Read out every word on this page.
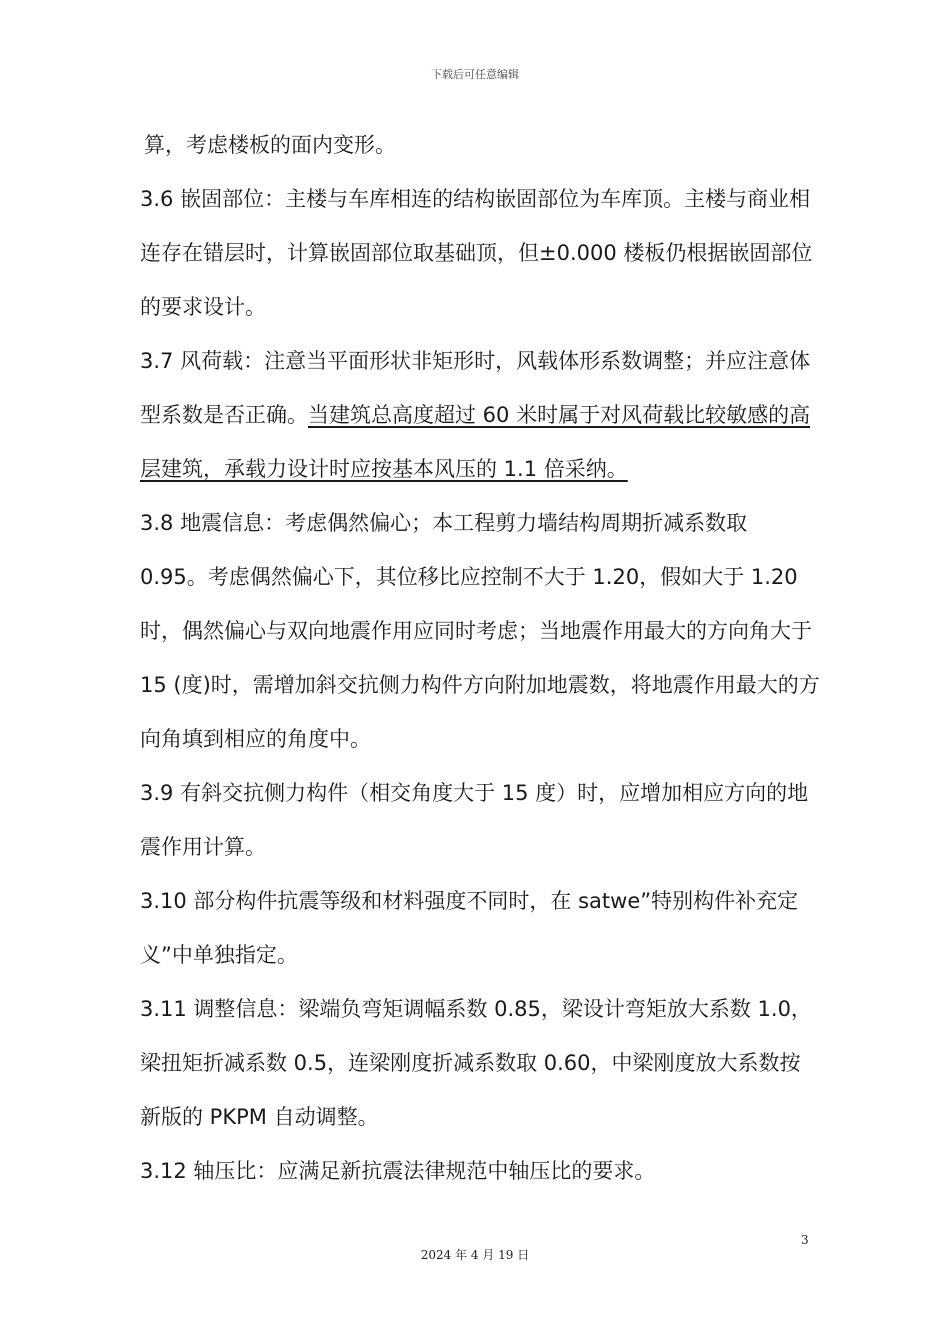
下载后可任意编辑

算，考虑楼板的面内变形。

3.6 嵌固部位：主楼与车库相连的结构嵌固部位为车库顶。主楼与商业相连存在错层时，计算嵌固部位取基础顶，但±0.000 楼板仍根据嵌固部位的要求设计。

3.7 风荷载：注意当平面形状非矩形时，风载体形系数调整；并应注意体型系数是否正确。当建筑总高度超过 60 米时属于对风荷载比较敏感的高层建筑，承载力设计时应按基本风压的 1.1 倍采纳。

3.8 地震信息：考虑偶然偏心；本工程剪力墙结构周期折减系数取 0.95。考虑偶然偏心下，其位移比应控制不大于 1.20，假如大于 1.20 时，偶然偏心与双向地震作用应同时考虑；当地震作用最大的方向角大于 15 (度)时，需增加斜交抗侧力构件方向附加地震数，将地震作用最大的方向角填到相应的角度中。

3.9 有斜交抗侧力构件（相交角度大于 15 度）时，应增加相应方向的地震作用计算。

3.10 部分构件抗震等级和材料强度不同时，在 satwe”特别构件补充定义”中单独指定。

3.11 调整信息：梁端负弯矩调幅系数 0.85，梁设计弯矩放大系数 1.0，梁扭矩折减系数 0.5，连梁刚度折减系数取 0.60，中梁刚度放大系数按新版的 PKPM 自动调整。

3.12 轴压比：应满足新抗震法律规范中轴压比的要求。

3
2024 年 4 月 19 日
